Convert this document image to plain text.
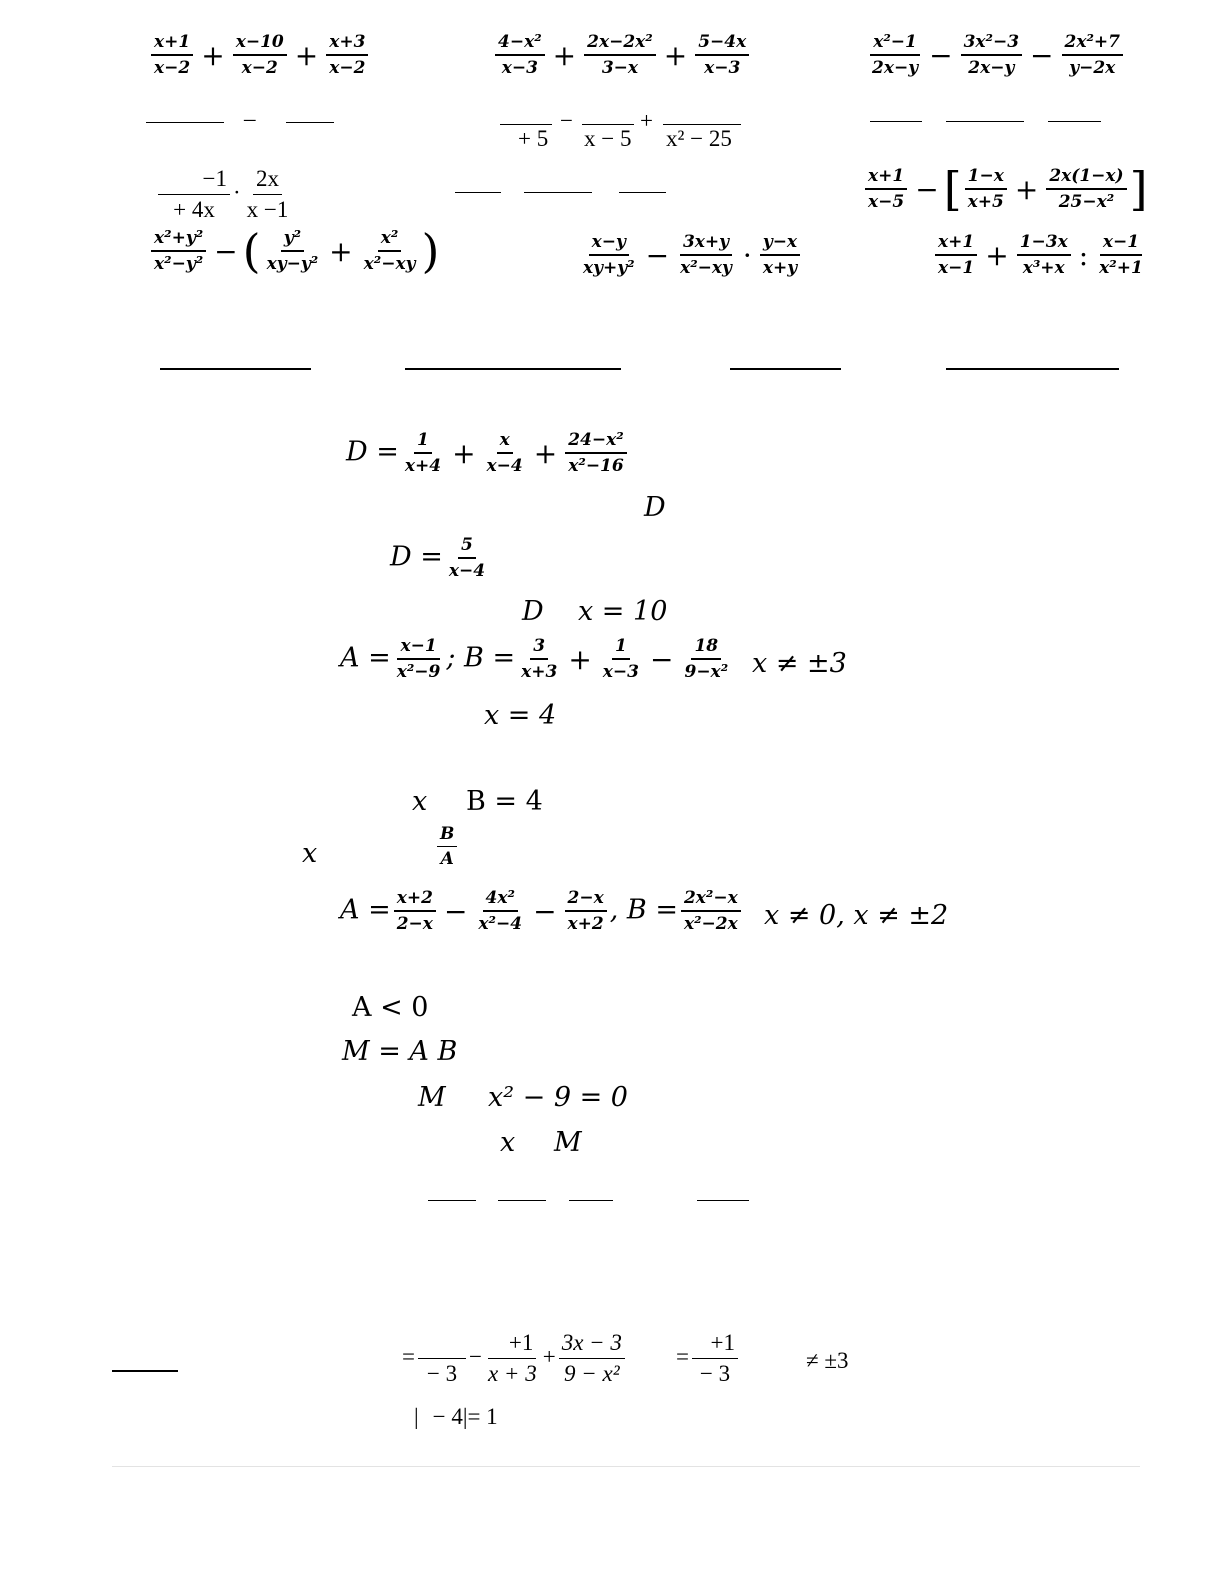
$\frac{x+1}{x-2} + \frac{x-10}{x-2} + \frac{x+3}{x-2}$	$\frac{\text{4−x²}}{x-3} + \frac{\text{2x−2x²}}{3-x} + \frac{5-4x}{x-3}$	$\frac{\text{x²−1}}{2x-y} - \frac{\text{3x²−3}}{2x-y} - \frac{\text{2x²+7}}{y-2x}$
–
+ 5
−
x − 5
+
x² − 25
$\frac{-1}{+ 4x} \cdot \frac{2x}{x -1}$	$\frac{x+1}{x-5}$ − [ $\frac{1-x}{x+5} + \frac{2x(1-x)}{\text{25−x²}}$ ]
$\frac{\text{x²+y²}}{\text{x²−y²}}$ − ( $\frac{\text{y²}}{\text{xy−y²}} + \frac{\text{x²}}{\text{x²−xy}}$ )	$\frac{x-y}{\text{xy+y²}} - \frac{3x+y}{\text{x²−xy}} \cdot \frac{y-x}{x+y}$	$\frac{x+1}{x-1} + \frac{1-3x}{\text{x³+x}}$ : $\frac{x-1}{\text{x²+1}}$
$D = \frac{1}{x+4} + \frac{x}{x-4} + \frac{\text{24−x²}}{\text{x²−16}}$
D
$D = \frac{5}{x-4}$
D x = 10
$A = \frac{x-1}{\text{x²−9}}$ ; $B = \frac{3}{x+3} + \frac{1}{x-3} - \frac{18}{\text{9−x²}}$ x ≠ ±3
x = 4
x B = 4
x	$\frac{B}{A}$
$A = \frac{x+2}{2-x} - \frac{\text{4x²}}{\text{x²−4}} - \frac{2-x}{x+2}$ , $B = \frac{\text{2x²−x}}{\text{x²−2x}}$ x ≠ 0, x ≠ ±2
A < 0
M = A B
M x² − 9 = 0
x M
=

− 3
− $\frac{+1}{x + 3} + \frac{3x - 3}{\text{9 − x²}} = \frac{+1}{- 3}$	≠ ±3
| − 4|= 1
